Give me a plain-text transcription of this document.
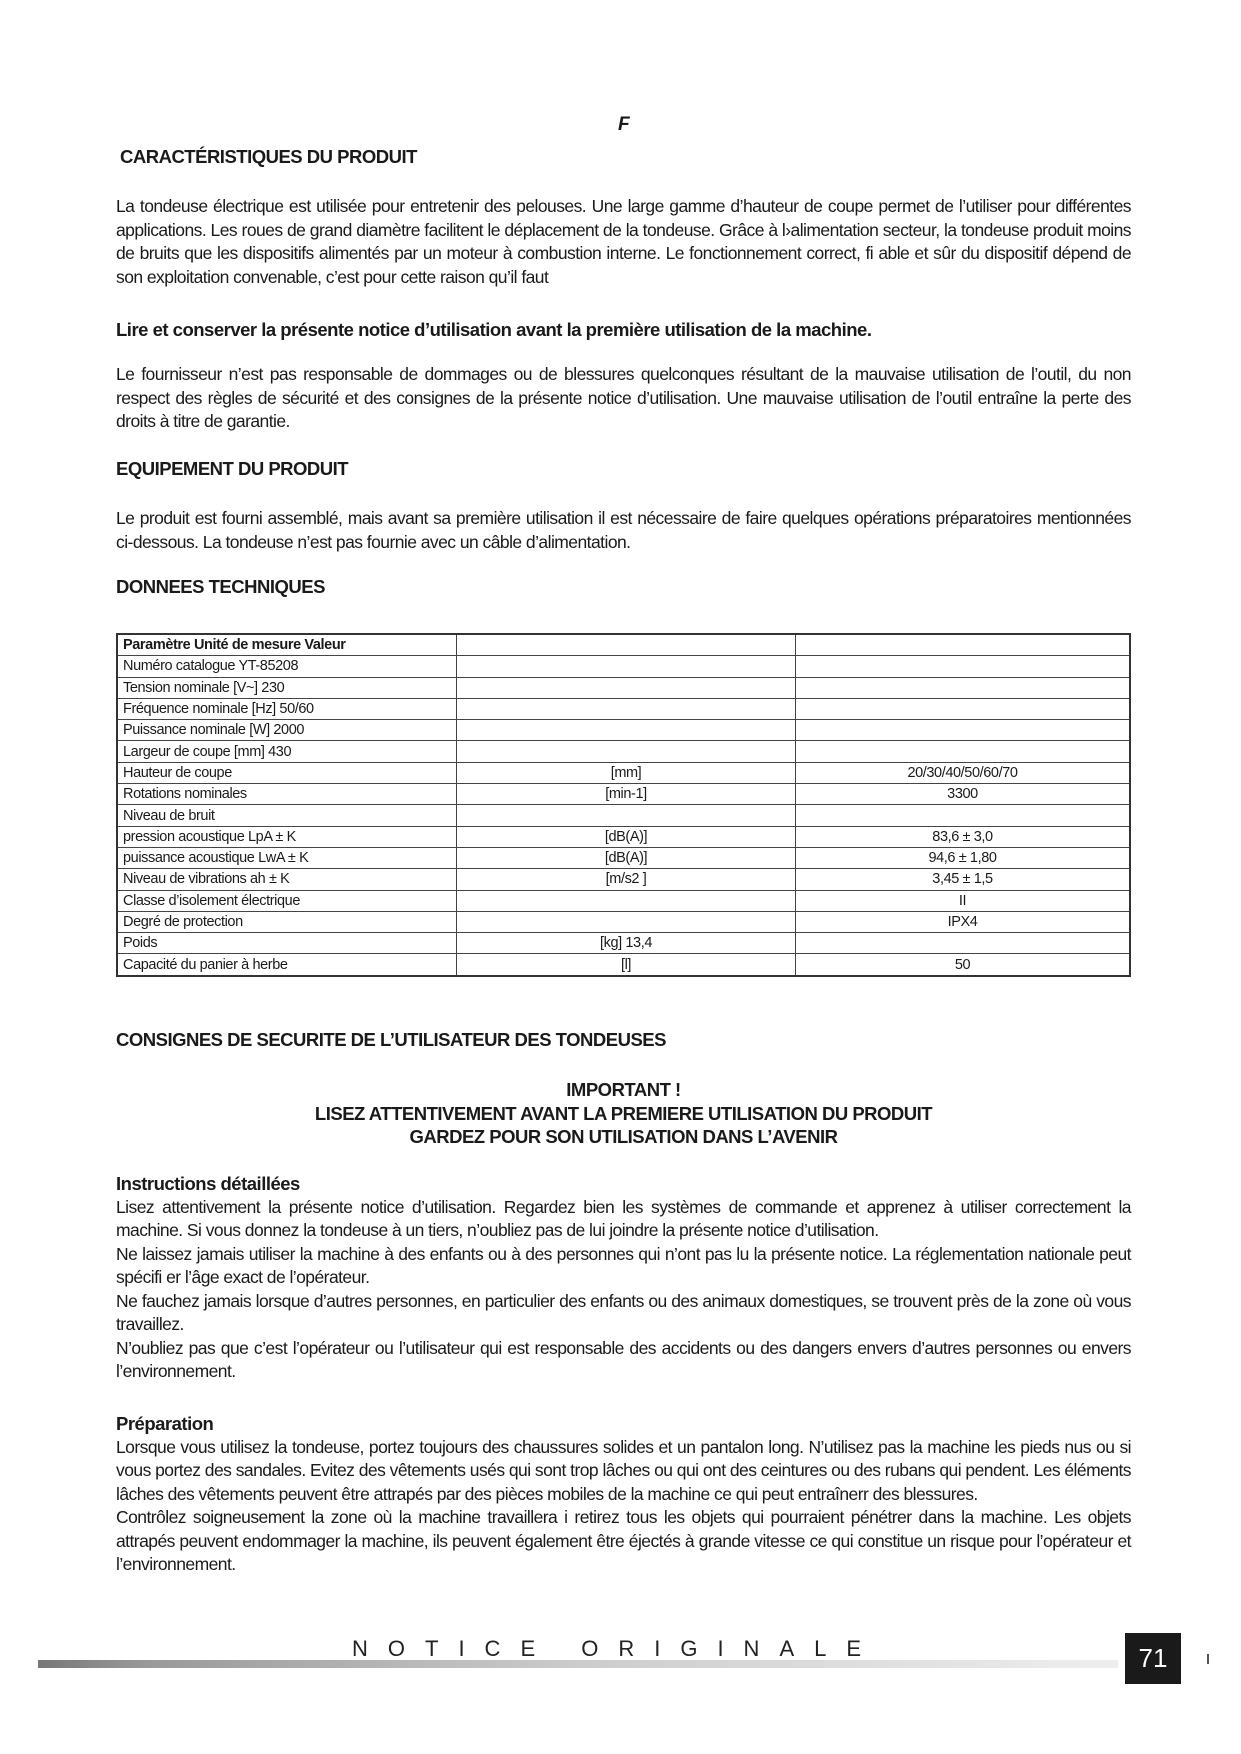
F

CARACTÉRISTIQUES DU PRODUIT

La tondeuse électrique est utilisée pour entretenir des pelouses. Une large gamme d’hauteur de coupe permet de l’utiliser pour différentes applications. Les roues de grand diamètre facilitent le déplacement de la tondeuse. Grâce à l›alimentation secteur, la tondeuse produit moins de bruits que les dispositifs alimentés par un moteur à combustion interne. Le fonctionnement correct, fi able et sûr du dispositif dépend de son exploitation convenable, c’est pour cette raison qu’il faut

Lire et conserver la présente notice d’utilisation avant la première utilisation de la machine.

Le fournisseur n’est pas responsable de dommages ou de blessures quelconques résultant de la mauvaise utilisation de l’outil, du non respect des règles de sécurité et des consignes de la présente notice d’utilisation. Une mauvaise utilisation de l’outil entraîne la perte des droits à titre de garantie.

EQUIPEMENT DU PRODUIT

Le produit est fourni assemblé, mais avant sa première utilisation il est nécessaire de faire quelques opérations préparatoires mentionnées ci-dessous. La tondeuse n’est pas fournie avec un câble d’alimentation.

DONNEES TECHNIQUES

Paramètre Unité de mesure Valeur		
Numéro catalogue YT-85208		
Tension nominale [V~] 230		
Fréquence nominale [Hz] 50/60		
Puissance nominale [W] 2000		
Largeur de coupe [mm] 430		
Hauteur de coupe	[mm]	20/30/40/50/60/70
Rotations nominales	[min-1]	3300
Niveau de bruit		
pression acoustique LpA ± K	[dB(A)]	83,6 ± 3,0
puissance acoustique LwA ± K	[dB(A)]	94,6 ± 1,80
Niveau de vibrations ah ± K	[m/s2 ]	3,45 ± 1,5
Classe d’isolement électrique		II
Degré de protection		IPX4
Poids	[kg] 13,4	
Capacité du panier à herbe	[l]	50

CONSIGNES DE SECURITE DE L’UTILISATEUR DES TONDEUSES

IMPORTANT !

LISEZ ATTENTIVEMENT AVANT LA PREMIERE UTILISATION DU PRODUIT

GARDEZ POUR SON UTILISATION DANS L’AVENIR

Instructions détaillées

Lisez attentivement la présente notice d’utilisation. Regardez bien les systèmes de commande et apprenez à utiliser correctement la machine. Si vous donnez la tondeuse à un tiers, n’oubliez pas de lui joindre la présente notice d’utilisation.

Ne laissez jamais utiliser la machine à des enfants ou à des personnes qui n’ont pas lu la présente notice. La réglementation nationale peut spécifi er l’âge exact de l’opérateur.

Ne fauchez jamais lorsque d’autres personnes, en particulier des enfants ou des animaux domestiques, se trouvent près de la zone où vous travaillez.

N’oubliez pas que c’est l’opérateur ou l’utilisateur qui est responsable des accidents ou des dangers envers d’autres personnes ou envers l’environnement.

Préparation

Lorsque vous utilisez la tondeuse, portez toujours des chaussures solides et un pantalon long. N’utilisez pas la machine les pieds nus ou si vous portez des sandales. Evitez des vêtements usés qui sont trop lâches ou qui ont des ceintures ou des rubans qui pendent. Les éléments lâches des vêtements peuvent être attrapés par des pièces mobiles de la machine ce qui peut entraînerr des blessures.

Contrôlez soigneusement la zone où la machine travaillera i retirez tous les objets qui pourraient pénétrer dans la machine. Les objets attrapés peuvent endommager la machine, ils peuvent également être éjectés à grande vitesse ce qui constitue un risque pour l’opérateur et l’environnement.

NOTICE ORIGINALE	71
